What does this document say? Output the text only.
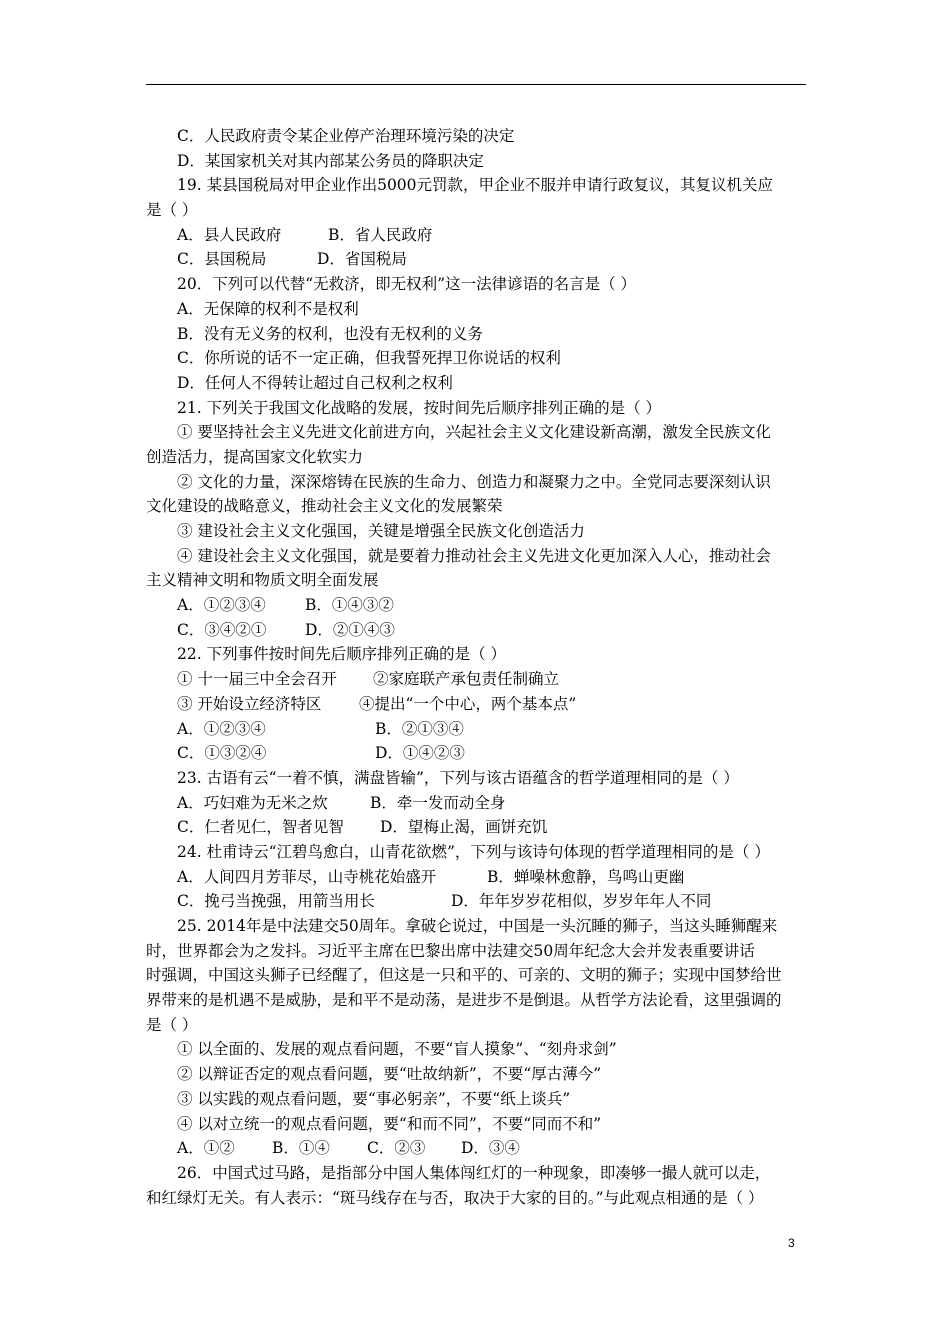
C．人民政府责令某企业停产治理环境污染的决定
D．某国家机关对其内部某公务员的降职决定
19. 某县国税局对甲企业作出5000元罚款，甲企业不服并申请行政复议，其复议机关应
是（ ）
A．县人民政府	B．省人民政府
C．县国税局	D．省国税局
20．下列可以代替“无救济，即无权利”这一法律谚语的名言是（ ）
A．无保障的权利不是权利
B．没有无义务的权利，也没有无权利的义务
C．你所说的话不一定正确，但我誓死捍卫你说话的权利
D．任何人不得转让超过自己权利之权利
21. 下列关于我国文化战略的发展，按时间先后顺序排列正确的是（ ）
① 要坚持社会主义先进文化前进方向，兴起社会主义文化建设新高潮，激发全民族文化
创造活力，提高国家文化软实力
② 文化的力量，深深熔铸在民族的生命力、创造力和凝聚力之中。全党同志要深刻认识
文化建设的战略意义，推动社会主义文化的发展繁荣
③ 建设社会主义文化强国，关键是增强全民族文化创造活力
④ 建设社会主义文化强国，就是要着力推动社会主义先进文化更加深入人心，推动社会
主义精神文明和物质文明全面发展
A．①②③④	B．①④③②
C．③④②① D．②①④③
22. 下列事件按时间先后顺序排列正确的是（ ）
① 十一届三中全会召开 ②家庭联产承包责任制确立
③ 开始设立经济特区 ④提出“一个中心，两个基本点”
A．①②③④	B．②①③④
C．①③②④	D．①④②③
23. 古语有云“一着不慎，满盘皆输”，下列与该古语蕴含的哲学道理相同的是（ ）
A．巧妇难为无米之炊	B．牵一发而动全身
C．仁者见仁，智者见智 D．望梅止渴，画饼充饥
24. 杜甫诗云“江碧鸟愈白，山青花欲燃”，下列与该诗句体现的哲学道理相同的是（ ）
A．人间四月芳菲尽，山寺桃花始盛开	B．蝉噪林愈静，鸟鸣山更幽
C．挽弓当挽强，用箭当用长	D．年年岁岁花相似，岁岁年年人不同
25. 2014年是中法建交50周年。拿破仑说过，中国是一头沉睡的狮子，当这头睡狮醒来
时，世界都会为之发抖。习近平主席在巴黎出席中法建交50周年纪念大会并发表重要讲话
时强调，中国这头狮子已经醒了，但这是一只和平的、可亲的、文明的狮子；实现中国梦给世
界带来的是机遇不是威胁，是和平不是动荡，是进步不是倒退。从哲学方法论看，这里强调的
是（ ）
① 以全面的、发展的观点看问题，不要“盲人摸象”、“刻舟求剑”
② 以辩证否定的观点看问题，要“吐故纳新”，不要“厚古薄今”
③ 以实践的观点看问题，要“事必躬亲”，不要“纸上谈兵”
④ 以对立统一的观点看问题，要“和而不同”，不要“同而不和”
A．①② B．①④ C．②③ D．③④
26．中国式过马路，是指部分中国人集体闯红灯的一种现象，即凑够一撮人就可以走，
和红绿灯无关。有人表示：“斑马线存在与否，取决于大家的目的。”与此观点相通的是（ ）
3
